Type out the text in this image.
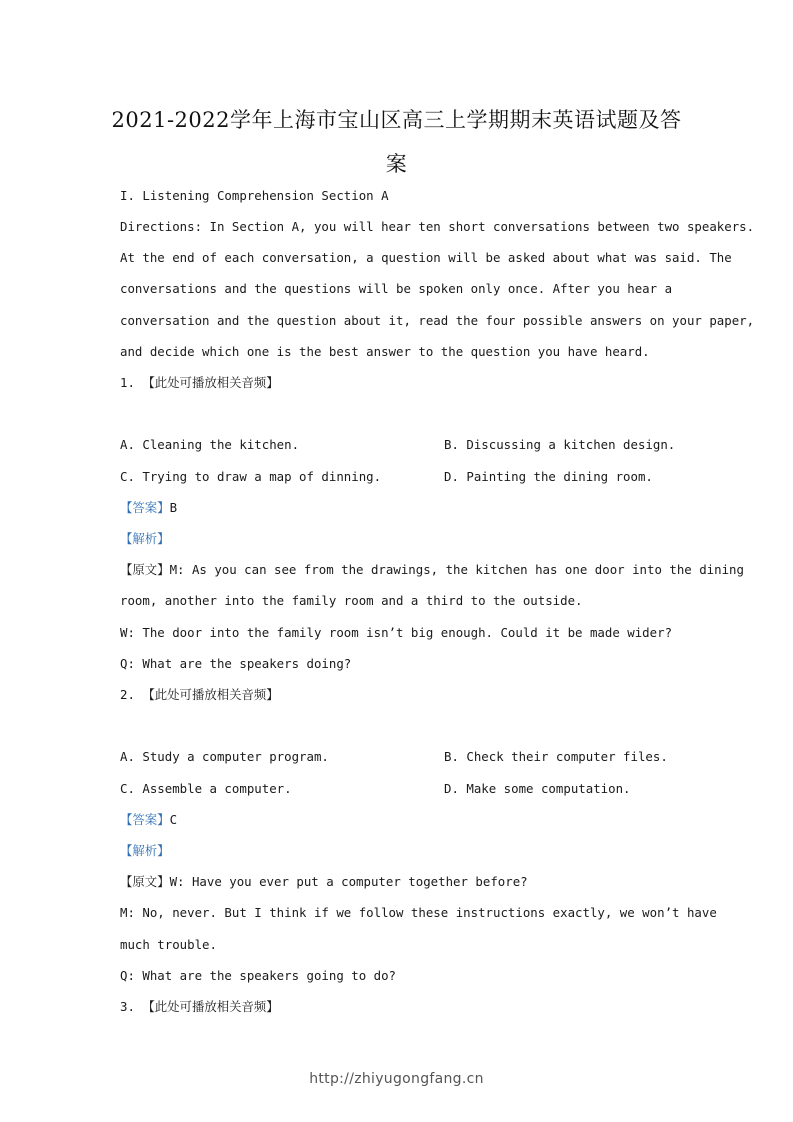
2021-2022学年上海市宝山区高三上学期期末英语试题及答
案
I. Listening Comprehension Section A
Directions: In Section A, you will hear ten short conversations between two speakers.
At the end of each conversation, a question will be asked about what was said. The
conversations and the questions will be spoken only once. After you hear a
conversation and the question about it, read the four possible answers on your paper,
and decide which one is the best answer to the question you have heard.
1. 【此处可播放相关音频】
A. Cleaning the kitchen.	B. Discussing a kitchen design.
C. Trying to draw a map of dinning.	D. Painting the dining room.
【答案】B
【解析】
【原文】M: As you can see from the drawings, the kitchen has one door into the dining
room, another into the family room and a third to the outside.
W: The door into the family room isn’t big enough. Could it be made wider?
Q: What are the speakers doing?
2. 【此处可播放相关音频】
A. Study a computer program.	B. Check their computer files.
C. Assemble a computer.	D. Make some computation.
【答案】C
【解析】
【原文】W: Have you ever put a computer together before?
M: No, never. But I think if we follow these instructions exactly, we won’t have
much trouble.
Q: What are the speakers going to do?
3. 【此处可播放相关音频】
http://zhiyugongfang.cn
